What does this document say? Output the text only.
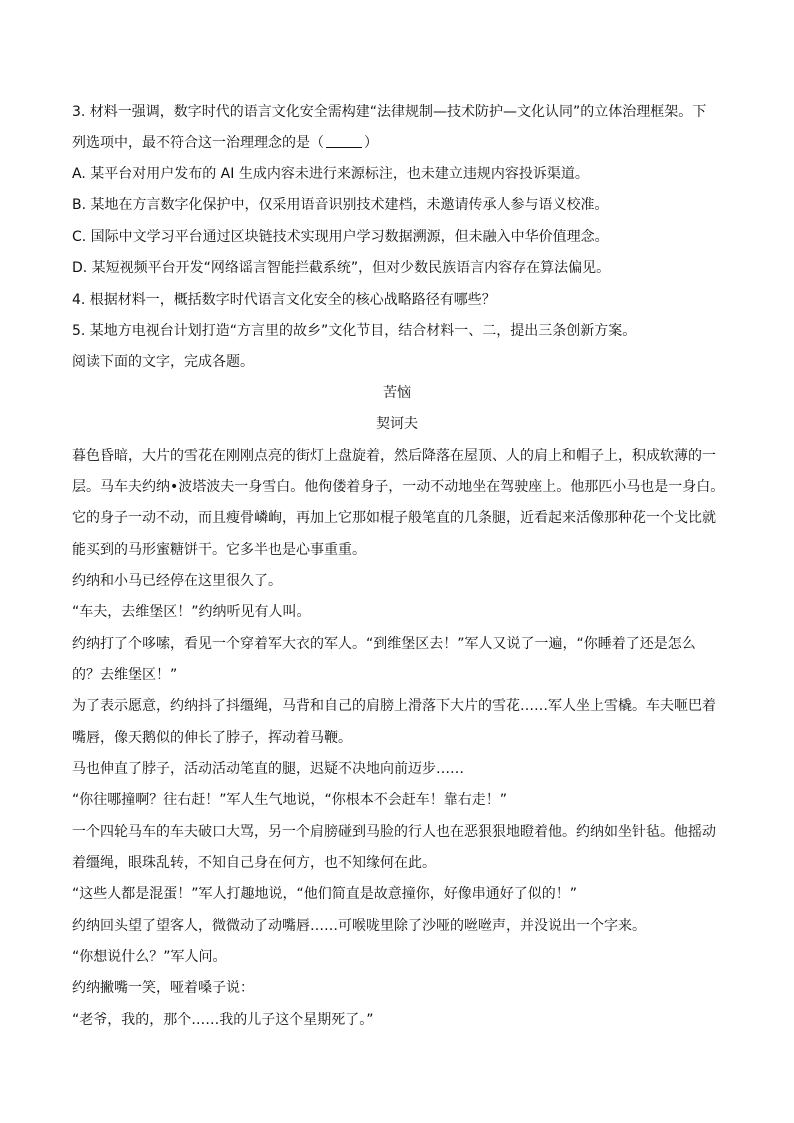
3. 材料一强调，数字时代的语言文化安全需构建“法律规制—技术防护—文化认同”的立体治理框架。下
列选项中，最不符合这一治理理念的是（	）
A. 某平台对用户发布的 AI 生成内容未进行来源标注，也未建立违规内容投诉渠道。
B. 某地在方言数字化保护中，仅采用语音识别技术建档，未邀请传承人参与语义校准。
C. 国际中文学习平台通过区块链技术实现用户学习数据溯源，但未融入中华价值理念。
D. 某短视频平台开发“网络谣言智能拦截系统”，但对少数民族语言内容存在算法偏见。
4. 根据材料一，概括数字时代语言文化安全的核心战略路径有哪些？
5. 某地方电视台计划打造“方言里的故乡”文化节目，结合材料一、二，提出三条创新方案。
阅读下面的文字，完成各题。
苦恼
契诃夫
暮色昏暗，大片的雪花在刚刚点亮的街灯上盘旋着，然后降落在屋顶、人的肩上和帽子上，积成软薄的一
层。马车夫约纳•波塔波夫一身雪白。他佝偻着身子，一动不动地坐在驾驶座上。他那匹小马也是一身白。
它的身子一动不动，而且瘦骨嶙峋，再加上它那如棍子般笔直的几条腿，近看起来活像那种花一个戈比就
能买到的马形蜜糖饼干。它多半也是心事重重。
约纳和小马已经停在这里很久了。
“车夫，去维堡区！”约纳听见有人叫。
约纳打了个哆嗦，看见一个穿着军大衣的军人。“到维堡区去！”军人又说了一遍，“你睡着了还是怎么
的？去维堡区！”
为了表示愿意，约纳抖了抖缰绳，马背和自己的肩膀上滑落下大片的雪花……军人坐上雪橇。车夫咂巴着
嘴唇，像天鹅似的伸长了脖子，挥动着马鞭。
马也伸直了脖子，活动活动笔直的腿，迟疑不决地向前迈步……
“你往哪撞啊？往右赶！”军人生气地说，“你根本不会赶车！靠右走！”
一个四轮马车的车夫破口大骂，另一个肩膀碰到马脸的行人也在恶狠狠地瞪着他。约纳如坐针毡。他摇动
着缰绳，眼珠乱转，不知自己身在何方，也不知缘何在此。
“这些人都是混蛋！”军人打趣地说，“他们简直是故意撞你，好像串通好了似的！”
约纳回头望了望客人，微微动了动嘴唇……可喉咙里除了沙哑的咝咝声，并没说出一个字来。
“你想说什么？”军人问。
约纳撇嘴一笑，哑着嗓子说：
“老爷，我的，那个……我的儿子这个星期死了。”
